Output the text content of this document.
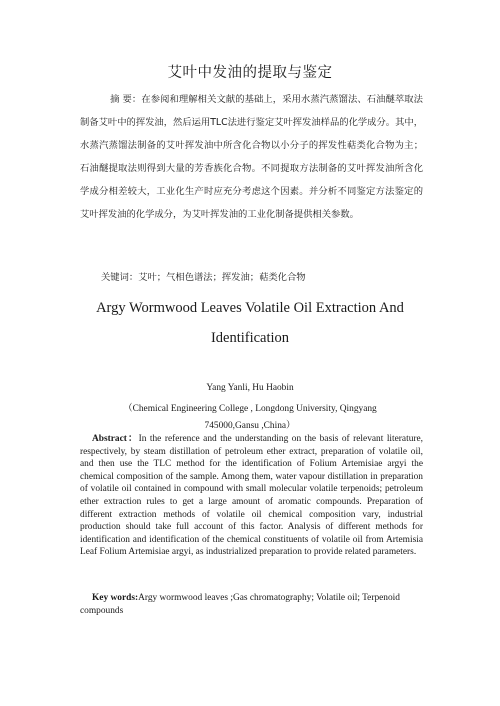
艾叶中发油的提取与鉴定
摘 要：在参阅和理解相关文献的基础上，采用水蒸汽蒸馏法、石油醚萃取法制备艾叶中的挥发油，然后运用TLC法进行鉴定艾叶挥发油样品的化学成分。其中，水蒸汽蒸馏法制备的艾叶挥发油中所含化合物以小分子的挥发性萜类化合物为主；石油醚提取法则得到大量的芳香族化合物。不同提取方法制备的艾叶挥发油所含化学成分相差较大，工业化生产时应充分考虑这个因素。并分析不同鉴定方法鉴定的艾叶挥发油的化学成分，为艾叶挥发油的工业化制备提供相关参数。
关键词：艾叶；气相色谱法；挥发油；萜类化合物
Argy Wormwood Leaves Volatile Oil Extraction And
Identification
Yang Yanli, Hu Haobin
（Chemical Engineering College , Longdong University, Qingyang
745000,Gansu ,China）
Abstract：In the reference and the understanding on the basis of relevant literature, respectively, by steam distillation of petroleum ether extract, preparation of volatile oil, and then use the TLC method for the identification of Folium Artemisiae argyi the chemical composition of the sample. Among them, water vapour distillation in preparation of volatile oil contained in compound with small molecular volatile terpenoids; petroleum ether extraction rules to get a large amount of aromatic compounds. Preparation of different extraction methods of volatile oil chemical composition vary, industrial production should take full account of this factor. Analysis of different methods for identification and identification of the chemical constituents of volatile oil from Artemisia Leaf Folium Artemisiae argyi, as industrialized preparation to provide related parameters.
Key words:Argy wormwood leaves ;Gas chromatography; Volatile oil; Terpenoid compounds
